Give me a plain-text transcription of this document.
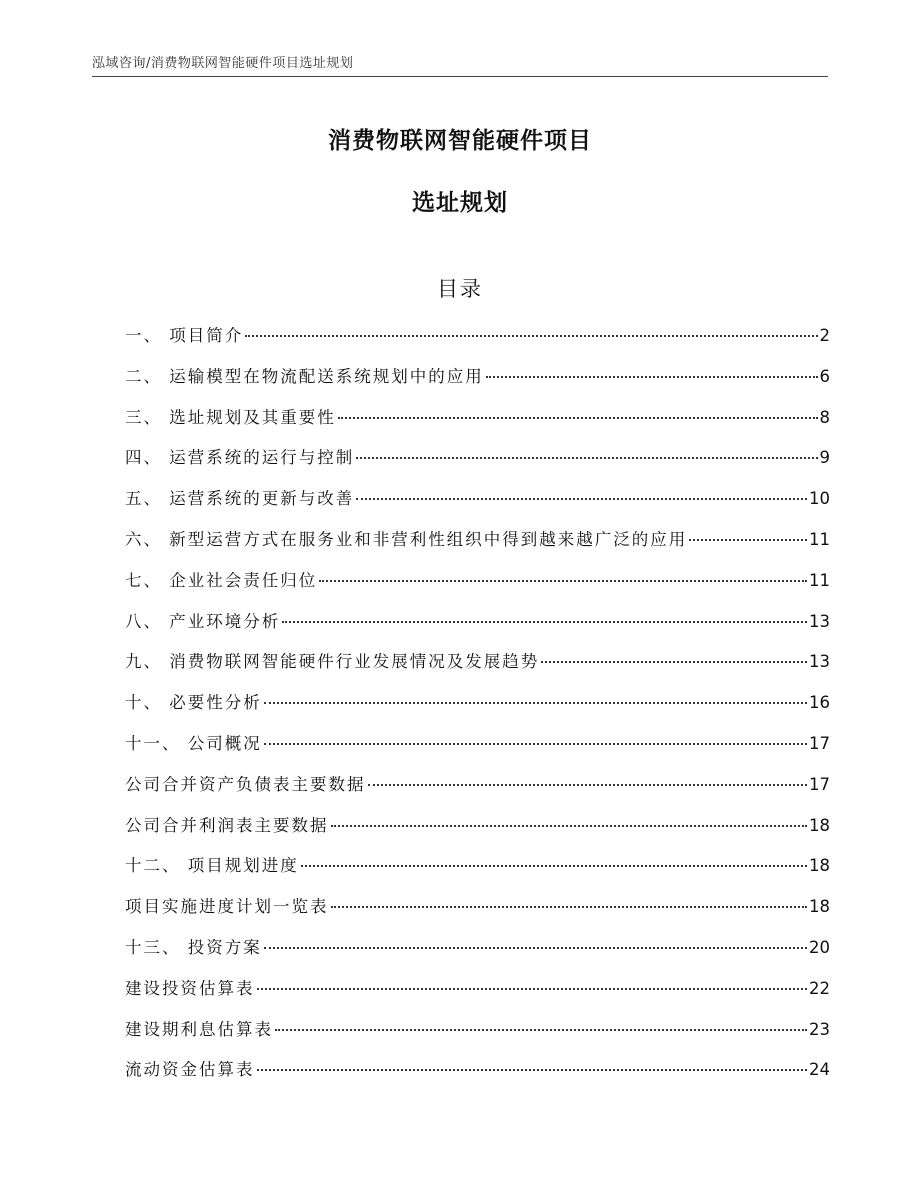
泓域咨询/消费物联网智能硬件项目选址规划
消费物联网智能硬件项目
选址规划
目录
一、 项目简介	2
二、 运输模型在物流配送系统规划中的应用	6
三、 选址规划及其重要性	8
四、 运营系统的运行与控制	9
五、 运营系统的更新与改善	10
六、 新型运营方式在服务业和非营利性组织中得到越来越广泛的应用	11
七、 企业社会责任归位	11
八、 产业环境分析	13
九、 消费物联网智能硬件行业发展情况及发展趋势	13
十、 必要性分析	16
十一、 公司概况	17
公司合并资产负债表主要数据	17
公司合并利润表主要数据	18
十二、 项目规划进度	18
项目实施进度计划一览表	18
十三、 投资方案	20
建设投资估算表	22
建设期利息估算表	23
流动资金估算表	24
